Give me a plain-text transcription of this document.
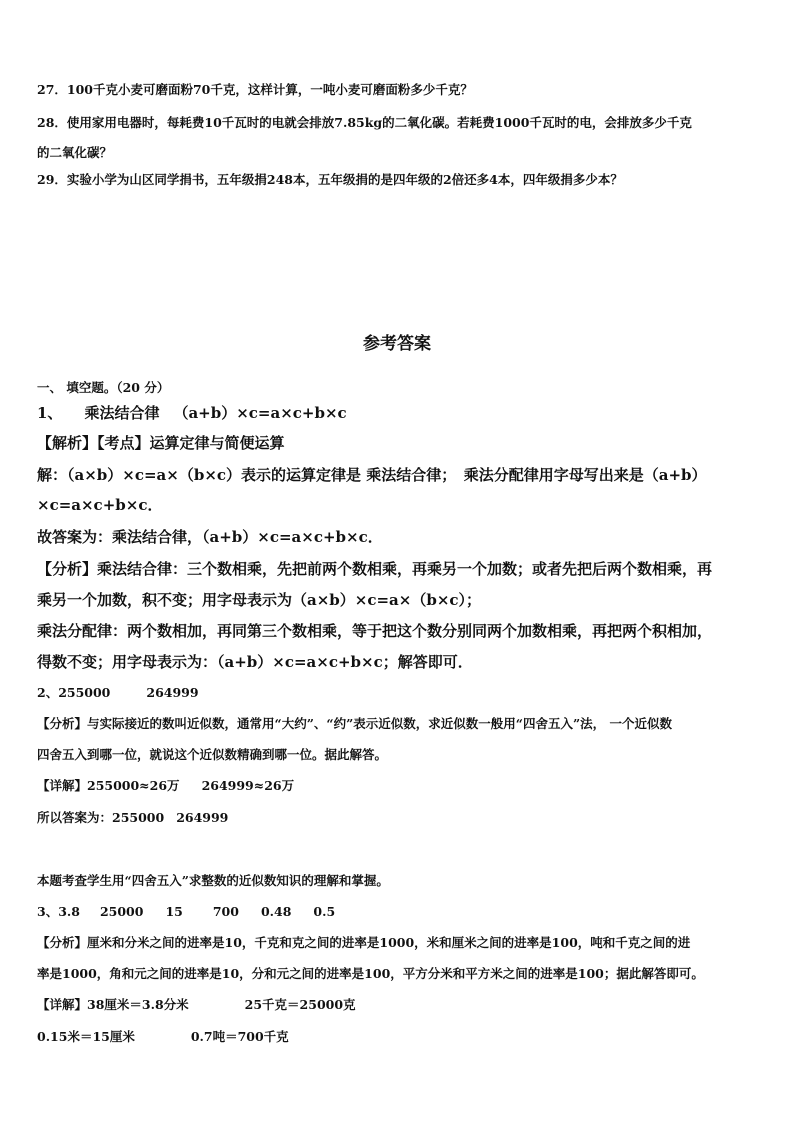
27．100千克小麦可磨面粉70千克，这样计算，一吨小麦可磨面粉多少千克？
28．使用家用电器时，每耗费10千瓦时的电就会排放7.85kg的二氧化碳。若耗费1000千瓦时的电，会排放多少千克
的二氧化碳？
29．实验小学为山区同学捐书，五年级捐248本，五年级捐的是四年级的2倍还多4本，四年级捐多少本？
参考答案
一、 填空题。（20 分）
1、 乘法结合律 （a+b）×c=a×c+b×c
【解析】【考点】运算定律与简便运算
解：（a×b）×c=a×（b×c）表示的运算定律是 乘法结合律；　乘法分配律用字母写出来是（a+b）
×c=a×c+b×c．
故答案为：乘法结合律，（a+b）×c=a×c+b×c．
【分析】乘法结合律：三个数相乘，先把前两个数相乘，再乘另一个加数；或者先把后两个数相乘，再
乘另一个加数，积不变；用字母表示为（a×b）×c=a×（b×c）；
乘法分配律：两个数相加，再同第三个数相乘，等于把这个数分别同两个加数相乘，再把两个积相加，
得数不变；用字母表示为：（a+b）×c=a×c+b×c；解答即可．
2、255000	264999
【分析】与实际接近的数叫近似数，通常用“大约”、“约”表示近似数，求近似数一般用“四舍五入”法， 一个近似数
四舍五入到哪一位，就说这个近似数精确到哪一位。据此解答。
【详解】255000≈26万 264999≈26万
所以答案为：255000 264999
本题考查学生用“四舍五入”求整数的近似数知识的理解和掌握。
3、3.8 25000 15 700 0.48 0.5
【分析】厘米和分米之间的进率是10，千克和克之间的进率是1000，米和厘米之间的进率是100，吨和千克之间的进
率是1000，角和元之间的进率是10，分和元之间的进率是100，平方分米和平方米之间的进率是100；据此解答即可。
【详解】38厘米＝3.8分米	25千克＝25000克
0.15米＝15厘米	0.7吨＝700千克
